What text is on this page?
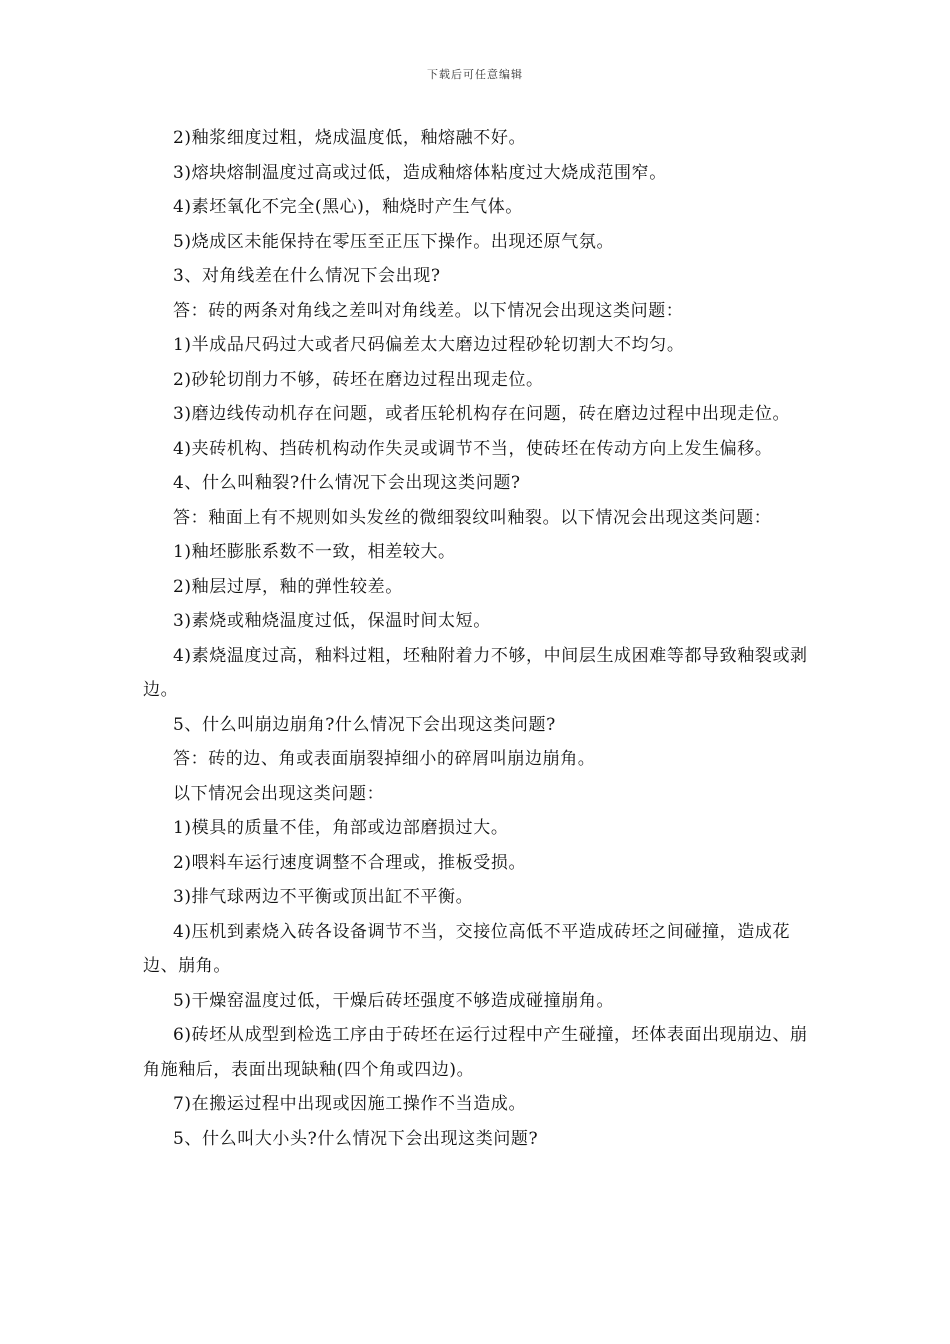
下载后可任意编辑

2)釉浆细度过粗，烧成温度低，釉熔融不好。

3)熔块熔制温度过高或过低，造成釉熔体粘度过大烧成范围窄。

4)素坯氧化不完全(黑心)，釉烧时产生气体。

5)烧成区未能保持在零压至正压下操作。出现还原气氛。

3、对角线差在什么情况下会出现?

答：砖的两条对角线之差叫对角线差。以下情况会出现这类问题：

1)半成品尺码过大或者尺码偏差太大磨边过程砂轮切割大不均匀。

2)砂轮切削力不够，砖坯在磨边过程出现走位。

3)磨边线传动机存在问题，或者压轮机构存在问题，砖在磨边过程中出现走位。

4)夹砖机构、挡砖机构动作失灵或调节不当，使砖坯在传动方向上发生偏移。

4、什么叫釉裂?什么情况下会出现这类问题?

答：釉面上有不规则如头发丝的微细裂纹叫釉裂。以下情况会出现这类问题：

1)釉坯膨胀系数不一致，相差较大。

2)釉层过厚，釉的弹性较差。

3)素烧或釉烧温度过低，保温时间太短。

4)素烧温度过高，釉料过粗，坯釉附着力不够，中间层生成困难等都导致釉裂或剥边。

5、什么叫崩边崩角?什么情况下会出现这类问题?

答：砖的边、角或表面崩裂掉细小的碎屑叫崩边崩角。

以下情况会出现这类问题：

1)模具的质量不佳，角部或边部磨损过大。

2)喂料车运行速度调整不合理或，推板受损。

3)排气球两边不平衡或顶出缸不平衡。

4)压机到素烧入砖各设备调节不当，交接位高低不平造成砖坯之间碰撞，造成花边、崩角。

5)干燥窑温度过低，干燥后砖坯强度不够造成碰撞崩角。

6)砖坯从成型到检选工序由于砖坯在运行过程中产生碰撞，坯体表面出现崩边、崩角施釉后，表面出现缺釉(四个角或四边)。

7)在搬运过程中出现或因施工操作不当造成。

5、什么叫大小头?什么情况下会出现这类问题?
